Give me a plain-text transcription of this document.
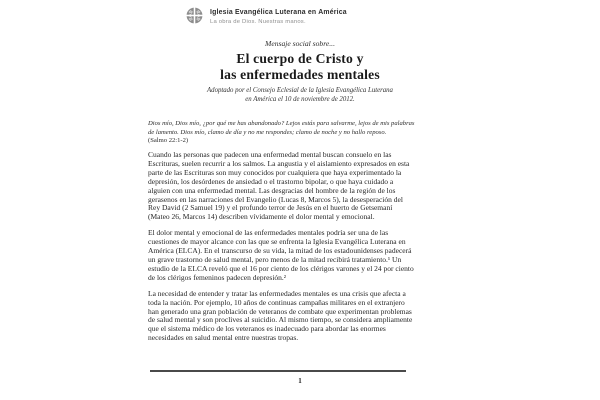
Iglesia Evangélica Luterana en América
La obra de Dios. Nuestras manos.
Mensaje social sobre...
El cuerpo de Cristo y
las enfermedades mentales
Adoptado por el Consejo Eclesial de la Iglesia Evangélica Luterana
en América el 10 de noviembre de 2012.
Dios mío, Dios mío, ¿por qué me has abandonado? Lejos estás para salvarme, lejos de mis palabras de lamento. Dios mío, clamo de día y no me respondes; clamo de noche y no hallo reposo.
(Salmo 22:1-2)

Cuando las personas que padecen una enfermedad mental buscan consuelo en las Escrituras, suelen recurrir a los salmos. La angustia y el aislamiento expresados en esta parte de las Escrituras son muy conocidos por cualquiera que haya experimentado la depresión, los desórdenes de ansiedad o el trastorno bipolar, o que haya cuidado a alguien con una enfermedad mental. Las desgracias del hombre de la región de los gerasenos en las narraciones del Evangelio (Lucas 8, Marcos 5), la desesperación del Rey David (2 Samuel 19) y el profundo terror de Jesús en el huerto de Getsemaní (Mateo 26, Marcos 14) describen vívidamente el dolor mental y emocional.

El dolor mental y emocional de las enfermedades mentales podría ser una de las cuestiones de mayor alcance con las que se enfrenta la Iglesia Evangélica Luterana en América (ELCA). En el transcurso de su vida, la mitad de los estadounidenses padecerá un grave trastorno de salud mental, pero menos de la mitad recibirá tratamiento.¹ Un estudio de la ELCA reveló que el 16 por ciento de los clérigos varones y el 24 por ciento de los clérigos femeninos padecen depresión.²

La necesidad de entender y tratar las enfermedades mentales es una crisis que afecta a toda la nación. Por ejemplo, 10 años de continuas campañas militares en el extranjero han generado una gran población de veteranos de combate que experimentan problemas de salud mental y son proclives al suicidio. Al mismo tiempo, se considera ampliamente que el sistema médico de los veteranos es inadecuado para abordar las enormes necesidades en salud mental entre nuestras tropas.

1
